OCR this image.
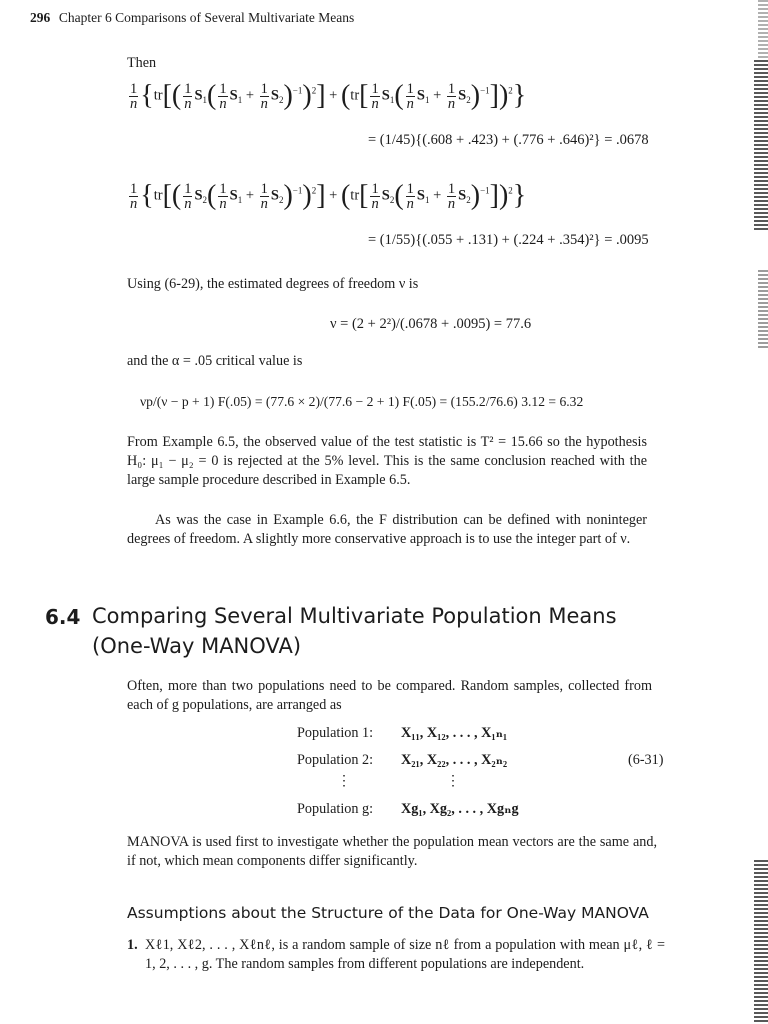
296 Chapter 6 Comparisons of Several Multivariate Means
Then
$\frac{1}{n} \{tr[( \frac{1}{n} S_1( \frac{1}{n} S_1 + \frac{1}{n} S_2)^{-1})^2] + (tr[ \frac{1}{n} S_1( \frac{1}{n} S_1 + \frac{1}{n} S_2)^{-1}])^2\}$
= (1/45){(.608 + .423) + (.776 + .646)²} = .0678
$\frac{1}{n} \{tr[( \frac{1}{n} S_2( \frac{1}{n} S_1 + \frac{1}{n} S_2)^{-1})^2] + (tr[ \frac{1}{n} S_2( \frac{1}{n} S_1 + \frac{1}{n} S_2)^{-1}])^2\}$
= (1/55){(.055 + .131) + (.224 + .354)²} = .0095
Using (6-29), the estimated degrees of freedom ν is
ν = (2 + 2²)/(.0678 + .0095) = 77.6
and the α = .05 critical value is
νp/(ν − p + 1) F(.05) = (77.6 × 2)/(77.6 − 2 + 1) F(.05) = (155.2/76.6) 3.12 = 6.32
From Example 6.5, the observed value of the test statistic is T² = 15.66 so the hypothesis H₀: μ₁ − μ₂ = 0 is rejected at the 5% level. This is the same conclusion reached with the large sample procedure described in Example 6.5.
As was the case in Example 6.6, the F distribution can be defined with noninteger degrees of freedom. A slightly more conservative approach is to use the integer part of ν.
6.4 Comparing Several Multivariate Population Means
(One-Way MANOVA)
Often, more than two populations need to be compared. Random samples, collected from each of g populations, are arranged as
Population 1: X₁₁, X₁₂, . . . , X₁ₙ₁
Population 2: X₂₁, X₂₂, . . . , X₂ₙ₂	(6-31)
⋮	⋮
Population g: Xg₁, Xg₂, . . . , Xgₙg
MANOVA is used first to investigate whether the population mean vectors are the same and, if not, which mean components differ significantly.
Assumptions about the Structure of the Data for One-Way MANOVA
1. Xℓ1, Xℓ2, . . . , Xℓnℓ, is a random sample of size nℓ from a population with mean μℓ, ℓ = 1, 2, . . . , g. The random samples from different populations are independent.
